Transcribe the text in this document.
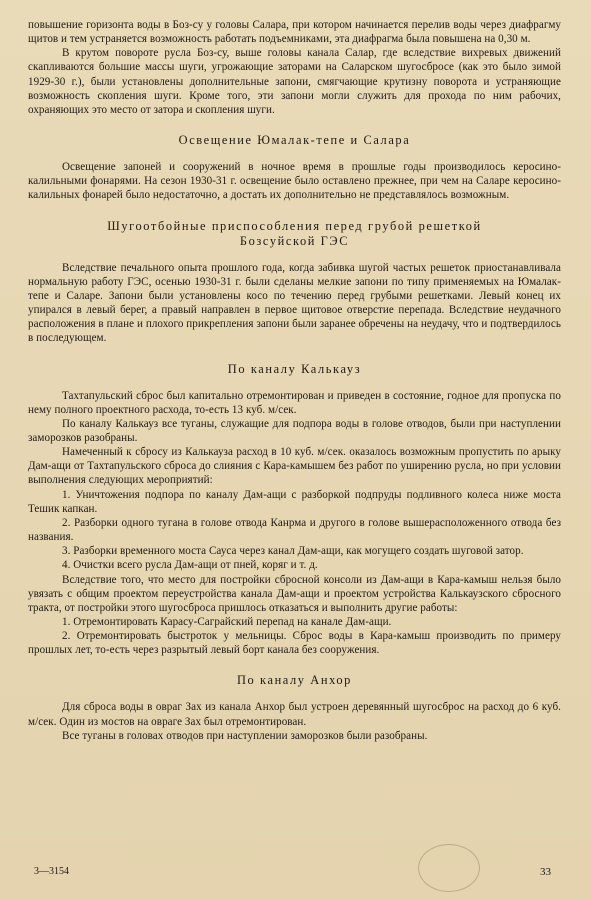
повышение горизонта воды в Боз-су у головы Салара, при котором начинается перелив воды через диафрагму щитов и тем устраняется возможность работать подъемниками, эта диафрагма была повышена на 0,30 м.

В крутом повороте русла Боз-су, выше головы канала Салар, где вследствие вихревых движений скапливаются большие массы шуги, угрожающие заторами на Саларском шугосбросе (как это было зимой 1929-30 г.), были установлены дополнительные запони, смягчающие крутизну поворота и устраняющие возможность скопления шуги. Кроме того, эти запони могли служить для прохода по ним рабочих, охраняющих это место от затора и скопления шуги.

Освещение Юмалак-тепе и Салара

Освещение запоней и сооружений в ночное время в прошлые годы производилось керосино-калильными фонарями. На сезон 1930-31 г. освещение было оставлено прежнее, при чем на Саларе керосино-калильных фонарей было недостаточно, а достать их дополнительно не представлялось возможным.

Шугоотбойные приспособления перед грубой решеткой
Бозсуйской ГЭС

Вследствие печального опыта прошлого года, когда забивка шугой частых решеток приостанавливала нормальную работу ГЭС, осенью 1930-31 г. были сделаны мелкие запони по типу применяемых на Юмалак-тепе и Саларе. Запони были установлены косо по течению перед грубыми решетками. Левый конец их упирался в левый берег, а правый направлен в первое щитовое отверстие перепада. Вследствие неудачного расположения в плане и плохого прикрепления запони были заранее обречены на неудачу, что и подтвердилось в последующем.

По каналу Калькауз

Тахтапульский сброс был капитально отремонтирован и приведен в состояние, годное для пропуска по нему полного проектного расхода, то-есть 13 куб. м/сек.

По каналу Калькауз все туганы, служащие для подпора воды в голове отводов, были при наступлении заморозков разобраны.

Намеченный к сбросу из Калькауза расход в 10 куб. м/сек. оказалось возможным пропустить по арыку Дам-ащи от Тахтапульского сброса до слияния с Кара-камышем без работ по уширению русла, но при условии выполнения следующих мероприятий:

1. Уничтожения подпора по каналу Дам-ащи с разборкой подпруды подливного колеса ниже моста Тешик капкан.

2. Разборки одного тугана в голове отвода Канрма и другого в голове вышерасположенного отвода без названия.

3. Разборки временного моста Сауса через канал Дам-ащи, как могущего создать шуговой затор.

4. Очистки всего русла Дам-ащи от пней, коряг и т. д.

Вследствие того, что место для постройки сбросной консоли из Дам-ащи в Кара-камыш нельзя было увязать с общим проектом переустройства канала Дам-ащи и проектом устройства Калькаузского сбросного тракта, от постройки этого шугосброса пришлось отказаться и выполнить другие работы:

1. Отремонтировать Карасу-Саграйский перепад на канале Дам-ащи.

2. Отремонтировать быстроток у мельницы. Сброс воды в Кара-камыш производить по примеру прошлых лет, то-есть через разрытый левый борт канала без сооружения.

По каналу Анхор

Для сброса воды в овраг Зах из канала Анхор был устроен деревянный шугосброс на расход до 6 куб. м/сек. Один из мостов на овраге Зах был отремонтирован.

Все туганы в головах отводов при наступлении заморозков были разобраны.

3—3154	33
